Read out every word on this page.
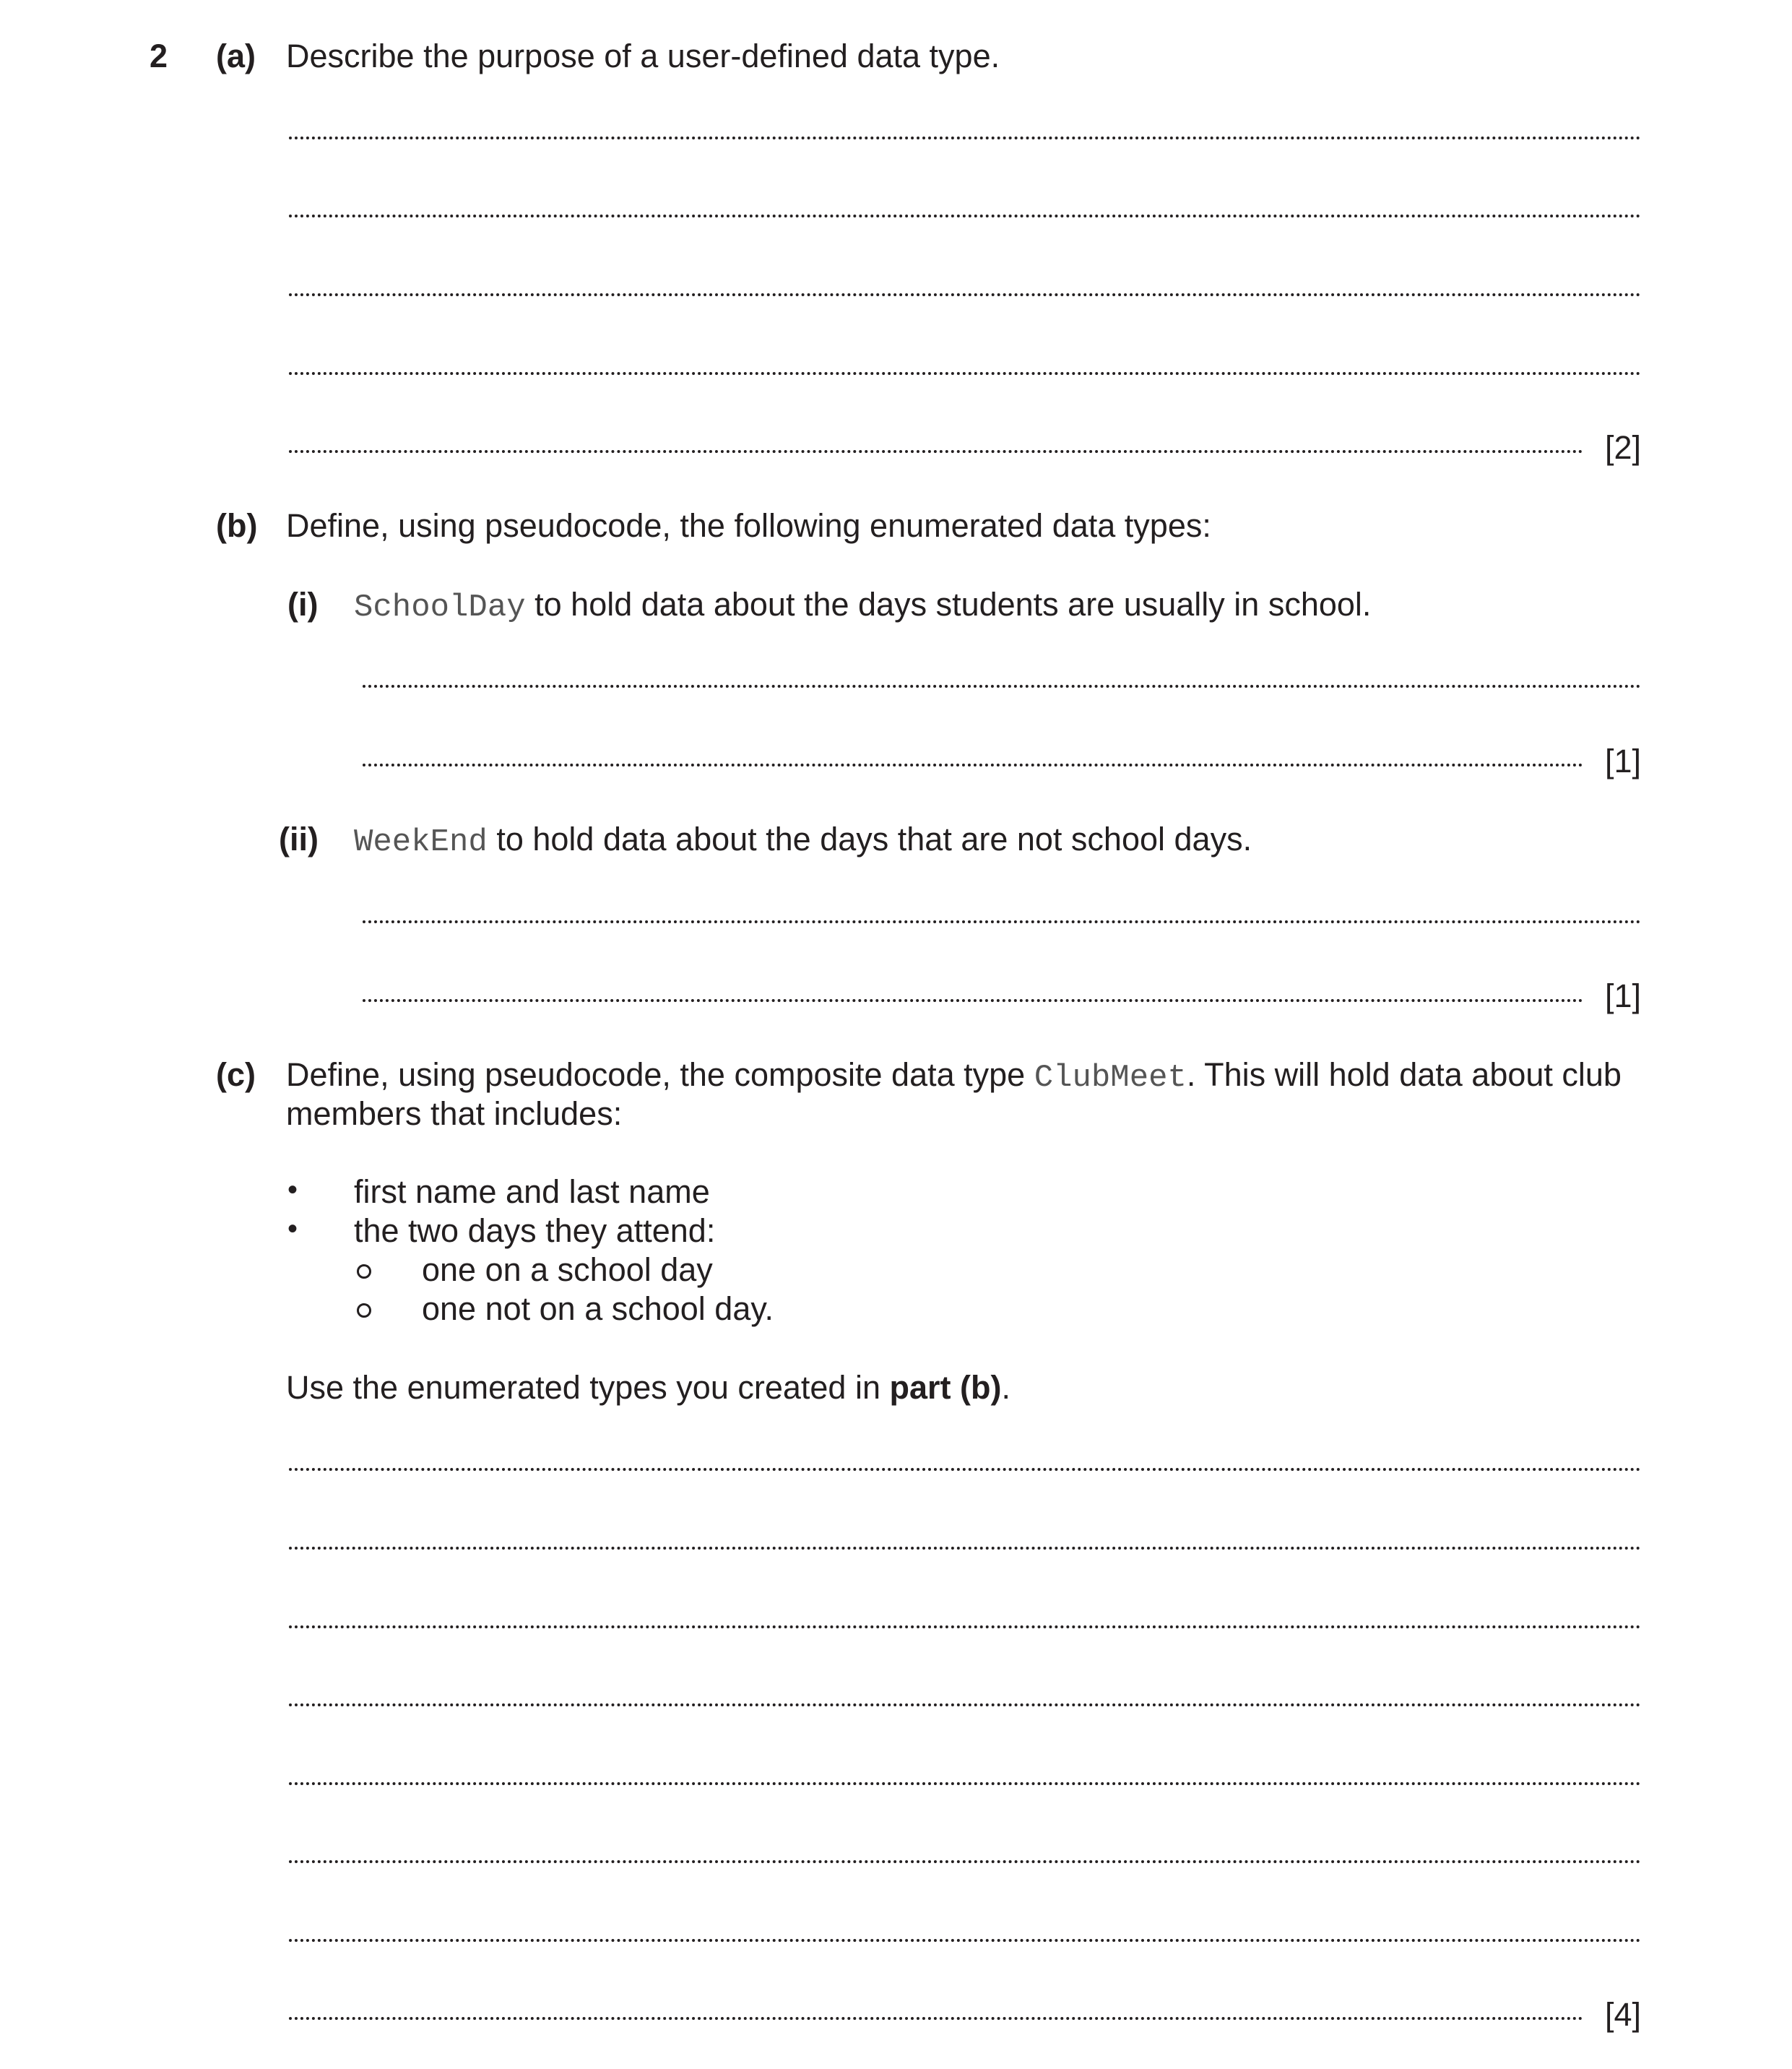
2 (a) Describe the purpose of a user-defined data type.
[2]
(b) Define, using pseudocode, the following enumerated data types:
(i) SchoolDay to hold data about the days students are usually in school.
[1]
(ii) WeekEnd to hold data about the days that are not school days.
[1]
(c) Define, using pseudocode, the composite data type ClubMeet. This will hold data about club
members that includes:
• first name and last name
• the two days they attend:
one on a school day
one not on a school day.
Use the enumerated types you created in part (b).
[4]
